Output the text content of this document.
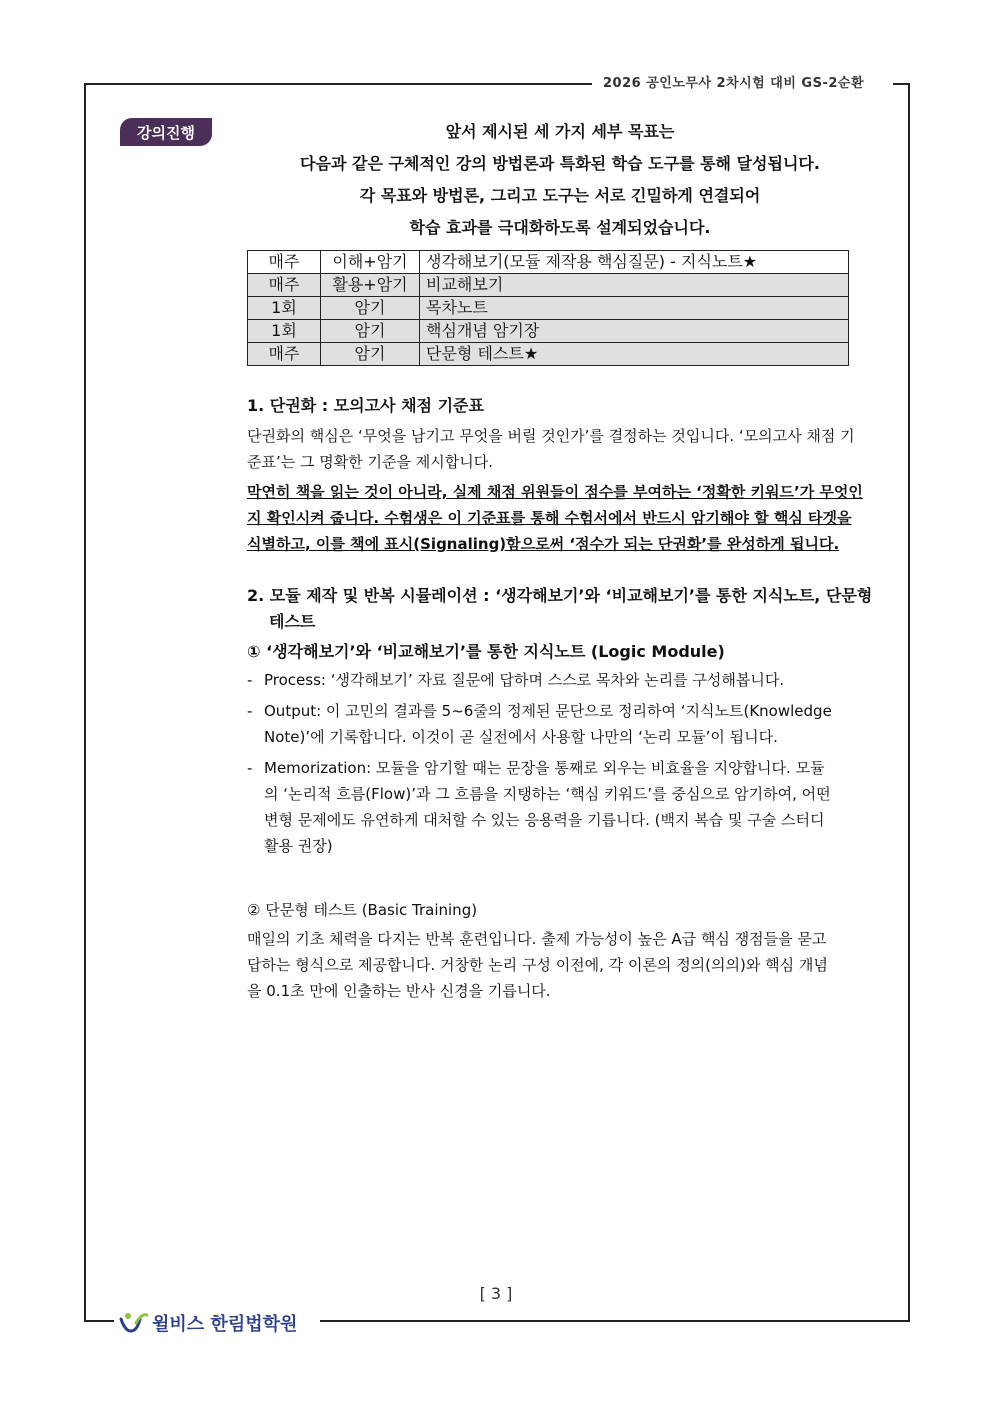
2026 공인노무사 2차시험 대비 GS-2순환
강의진행	앞서 제시된 세 가지 세부 목표는
다음과 같은 구체적인 강의 방법론과 특화된 학습 도구를 통해 달성됩니다.
각 목표와 방법론, 그리고 도구는 서로 긴밀하게 연결되어
학습 효과를 극대화하도록 설계되었습니다.
매주	이해+암기	생각해보기(모듈 제작용 핵심질문) - 지식노트★
매주	활용+암기	비교해보기
1회	암기	목차노트
1회	암기	핵심개념 암기장
매주	암기	단문형 테스트★
1. 단권화 : 모의고사 채점 기준표
단권화의 핵심은 ‘무엇을 남기고 무엇을 버릴 것인가’를 결정하는 것입니다. ‘모의고사 채점 기
준표’는 그 명확한 기준을 제시합니다.
막연히 책을 읽는 것이 아니라, 실제 채점 위원들이 점수를 부여하는 ‘정확한 키워드’가 무엇인
지 확인시켜 줍니다. 수험생은 이 기준표를 통해 수험서에서 반드시 암기해야 할 핵심 타겟을
식별하고, 이를 책에 표시(Signaling)함으로써 ‘점수가 되는 단권화’를 완성하게 됩니다.
2. 모듈 제작 및 반복 시뮬레이션 : ‘생각해보기’와 ‘비교해보기’를 통한 지식노트, 단문형
테스트
① ‘생각해보기’와 ‘비교해보기’를 통한 지식노트 (Logic Module)
- Process: ‘생각해보기’ 자료 질문에 답하며 스스로 목차와 논리를 구성해봅니다.
- Output: 이 고민의 결과를 5~6줄의 정제된 문단으로 정리하여 ‘지식노트(Knowledge
Note)’에 기록합니다. 이것이 곧 실전에서 사용할 나만의 ‘논리 모듈’이 됩니다.
- Memorization: 모듈을 암기할 때는 문장을 통째로 외우는 비효율을 지양합니다. 모듈
의 ‘논리적 흐름(Flow)’과 그 흐름을 지탱하는 ‘핵심 키워드’를 중심으로 암기하여, 어떤
변형 문제에도 유연하게 대처할 수 있는 응용력을 기릅니다. (백지 복습 및 구술 스터디
활용 권장)
② 단문형 테스트 (Basic Training)
매일의 기초 체력을 다지는 반복 훈련입니다. 출제 가능성이 높은 A급 핵심 쟁점들을 묻고
답하는 형식으로 제공합니다. 거창한 논리 구성 이전에, 각 이론의 정의(의의)와 핵심 개념
을 0.1초 만에 인출하는 반사 신경을 기릅니다.
[ 3 ]
윌비스 한림법학원
